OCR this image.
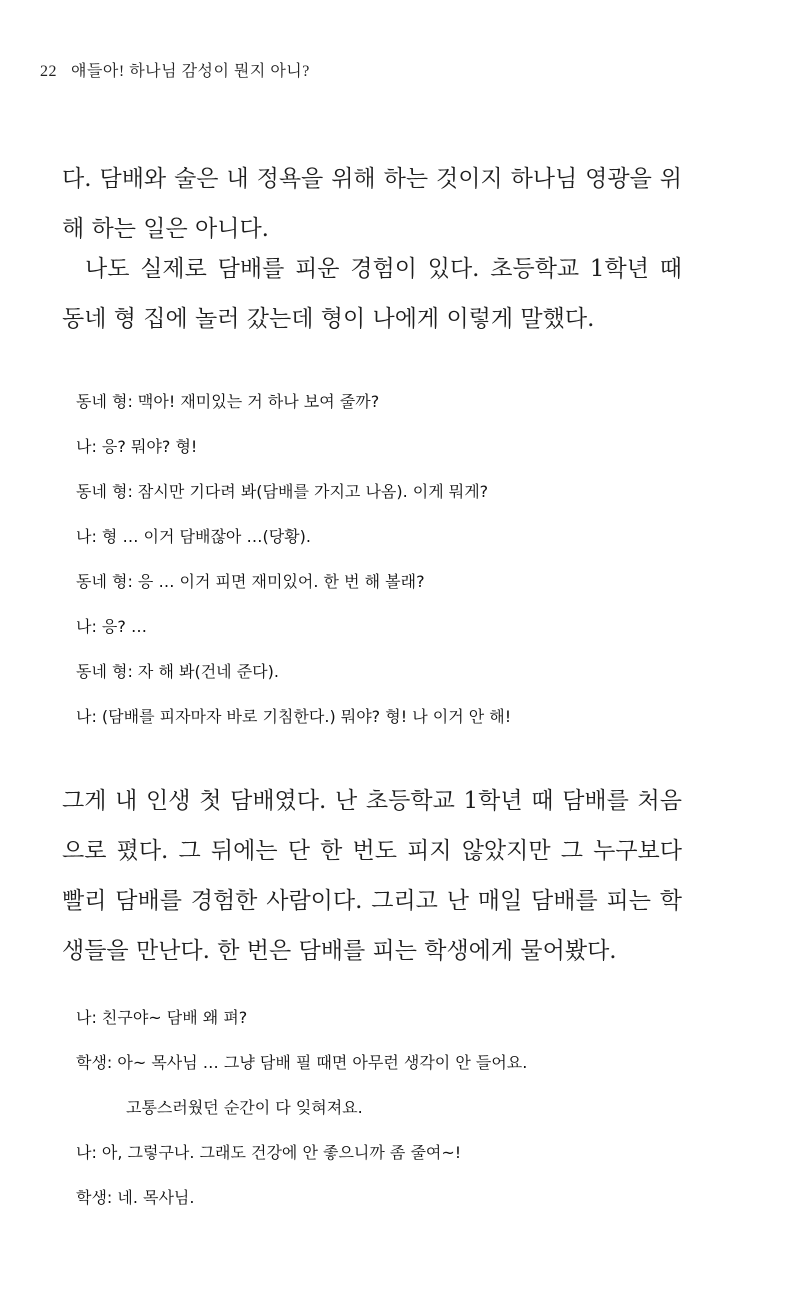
22 얘들아! 하나님 감성이 뭔지 아니?
다. 담배와 술은 내 정욕을 위해 하는 것이지 하나님 영광을 위해 하는 일은 아니다.
나도 실제로 담배를 피운 경험이 있다. 초등학교 1학년 때 동네 형 집에 놀러 갔는데 형이 나에게 이렇게 말했다.
동네 형: 맥아! 재미있는 거 하나 보여 줄까?
나: 응? 뭐야? 형!
동네 형: 잠시만 기다려 봐(담배를 가지고 나옴). 이게 뭐게?
나: 형 … 이거 담배잖아 …(당황).
동네 형: 응 … 이거 피면 재미있어. 한 번 해 볼래?
나: 응? …
동네 형: 자 해 봐(건네 준다).
나: (담배를 피자마자 바로 기침한다.) 뭐야? 형! 나 이거 안 해!
그게 내 인생 첫 담배였다. 난 초등학교 1학년 때 담배를 처음으로 폈다. 그 뒤에는 단 한 번도 피지 않았지만 그 누구보다 빨리 담배를 경험한 사람이다. 그리고 난 매일 담배를 피는 학생들을 만난다. 한 번은 담배를 피는 학생에게 물어봤다.
나: 친구야~ 담배 왜 펴?
학생: 아~ 목사님 … 그냥 담배 필 때면 아무런 생각이 안 들어요.
고통스러웠던 순간이 다 잊혀져요.
나: 아, 그렇구나. 그래도 건강에 안 좋으니까 좀 줄여~!
학생: 네. 목사님.
